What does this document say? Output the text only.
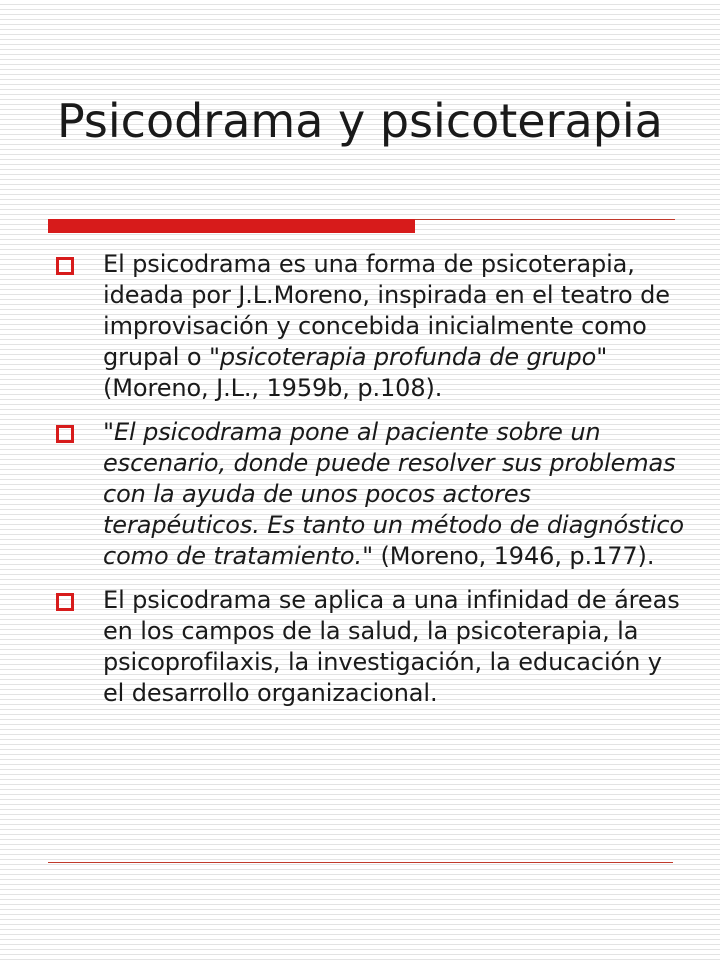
Psicodrama y psicoterapia
El psicodrama es una forma de psicoterapia, ideada por J.L.Moreno, inspirada en el teatro de improvisación y concebida inicialmente como grupal o "psicoterapia profunda de grupo" (Moreno, J.L., 1959b, p.108).
"El psicodrama pone al paciente sobre un escenario, donde puede resolver sus problemas con la ayuda de unos pocos actores terapéuticos. Es tanto un método de diagnóstico como de tratamiento." (Moreno, 1946, p.177).
El psicodrama se aplica a una infinidad de áreas en los campos de la salud, la psicoterapia, la psicoprofilaxis, la investigación, la educación y el desarrollo organizacional.
